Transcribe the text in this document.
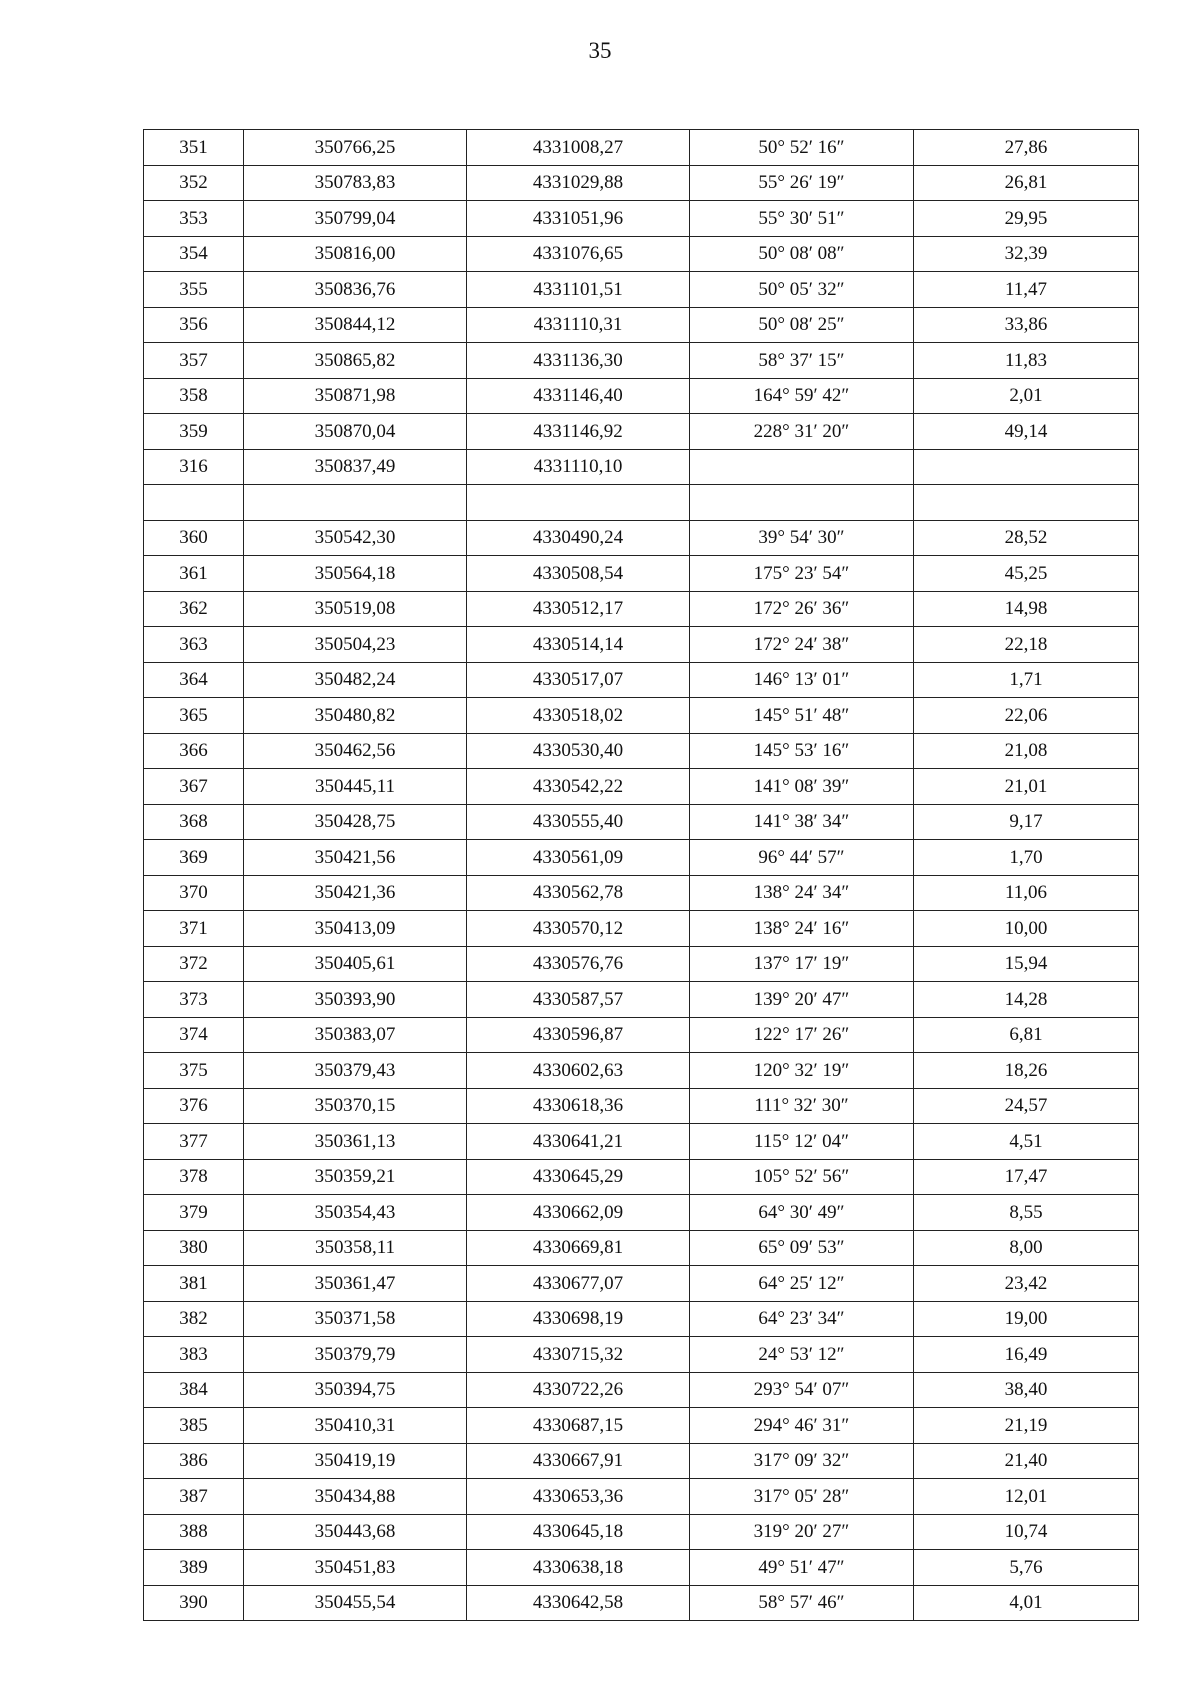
35
351	350766,25	4331008,27	50° 52′ 16″	27,86
352	350783,83	4331029,88	55° 26′ 19″	26,81
353	350799,04	4331051,96	55° 30′ 51″	29,95
354	350816,00	4331076,65	50° 08′ 08″	32,39
355	350836,76	4331101,51	50° 05′ 32″	11,47
356	350844,12	4331110,31	50° 08′ 25″	33,86
357	350865,82	4331136,30	58° 37′ 15″	11,83
358	350871,98	4331146,40	164° 59′ 42″	2,01
359	350870,04	4331146,92	228° 31′ 20″	49,14
316	350837,49	4331110,10		

360	350542,30	4330490,24	39° 54′ 30″	28,52
361	350564,18	4330508,54	175° 23′ 54″	45,25
362	350519,08	4330512,17	172° 26′ 36″	14,98
363	350504,23	4330514,14	172° 24′ 38″	22,18
364	350482,24	4330517,07	146° 13′ 01″	1,71
365	350480,82	4330518,02	145° 51′ 48″	22,06
366	350462,56	4330530,40	145° 53′ 16″	21,08
367	350445,11	4330542,22	141° 08′ 39″	21,01
368	350428,75	4330555,40	141° 38′ 34″	9,17
369	350421,56	4330561,09	96° 44′ 57″	1,70
370	350421,36	4330562,78	138° 24′ 34″	11,06
371	350413,09	4330570,12	138° 24′ 16″	10,00
372	350405,61	4330576,76	137° 17′ 19″	15,94
373	350393,90	4330587,57	139° 20′ 47″	14,28
374	350383,07	4330596,87	122° 17′ 26″	6,81
375	350379,43	4330602,63	120° 32′ 19″	18,26
376	350370,15	4330618,36	111° 32′ 30″	24,57
377	350361,13	4330641,21	115° 12′ 04″	4,51
378	350359,21	4330645,29	105° 52′ 56″	17,47
379	350354,43	4330662,09	64° 30′ 49″	8,55
380	350358,11	4330669,81	65° 09′ 53″	8,00
381	350361,47	4330677,07	64° 25′ 12″	23,42
382	350371,58	4330698,19	64° 23′ 34″	19,00
383	350379,79	4330715,32	24° 53′ 12″	16,49
384	350394,75	4330722,26	293° 54′ 07″	38,40
385	350410,31	4330687,15	294° 46′ 31″	21,19
386	350419,19	4330667,91	317° 09′ 32″	21,40
387	350434,88	4330653,36	317° 05′ 28″	12,01
388	350443,68	4330645,18	319° 20′ 27″	10,74
389	350451,83	4330638,18	49° 51′ 47″	5,76
390	350455,54	4330642,58	58° 57′ 46″	4,01
